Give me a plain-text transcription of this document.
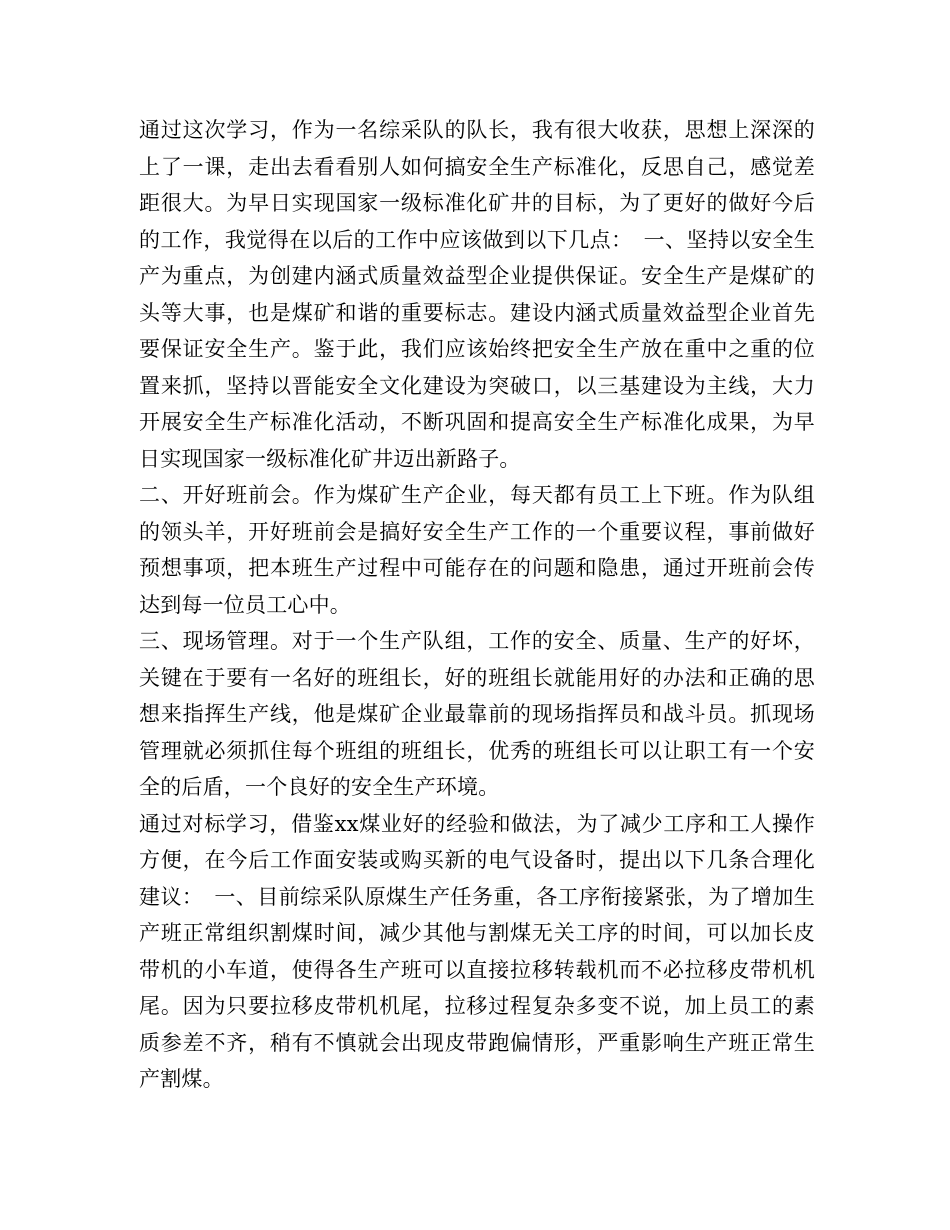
通过这次学习，作为一名综采队的队长，我有很大收获，思想上深深的上了一课，走出去看看别人如何搞安全生产标准化，反思自己，感觉差距很大。为早日实现国家一级标准化矿井的目标，为了更好的做好今后的工作，我觉得在以后的工作中应该做到以下几点：　一、坚持以安全生产为重点，为创建内涵式质量效益型企业提供保证。安全生产是煤矿的头等大事，也是煤矿和谐的重要标志。建设内涵式质量效益型企业首先要保证安全生产。鉴于此，我们应该始终把安全生产放在重中之重的位置来抓，坚持以晋能安全文化建设为突破口，以三基建设为主线，大力开展安全生产标准化活动，不断巩固和提高安全生产标准化成果，为早日实现国家一级标准化矿井迈出新路子。

二、开好班前会。作为煤矿生产企业，每天都有员工上下班。作为队组的领头羊，开好班前会是搞好安全生产工作的一个重要议程，事前做好预想事项，把本班生产过程中可能存在的问题和隐患，通过开班前会传达到每一位员工心中。

三、现场管理。对于一个生产队组，工作的安全、质量、生产的好坏，关键在于要有一名好的班组长，好的班组长就能用好的办法和正确的思想来指挥生产线，他是煤矿企业最靠前的现场指挥员和战斗员。抓现场管理就必须抓住每个班组的班组长，优秀的班组长可以让职工有一个安全的后盾，一个良好的安全生产环境。

通过对标学习，借鉴xx煤业好的经验和做法，为了减少工序和工人操作方便，在今后工作面安装或购买新的电气设备时，提出以下几条合理化建议：　一、目前综采队原煤生产任务重，各工序衔接紧张，为了增加生产班正常组织割煤时间，减少其他与割煤无关工序的时间，可以加长皮带机的小车道，使得各生产班可以直接拉移转载机而不必拉移皮带机机尾。因为只要拉移皮带机机尾，拉移过程复杂多变不说，加上员工的素质参差不齐，稍有不慎就会出现皮带跑偏情形，严重影响生产班正常生产割煤。
